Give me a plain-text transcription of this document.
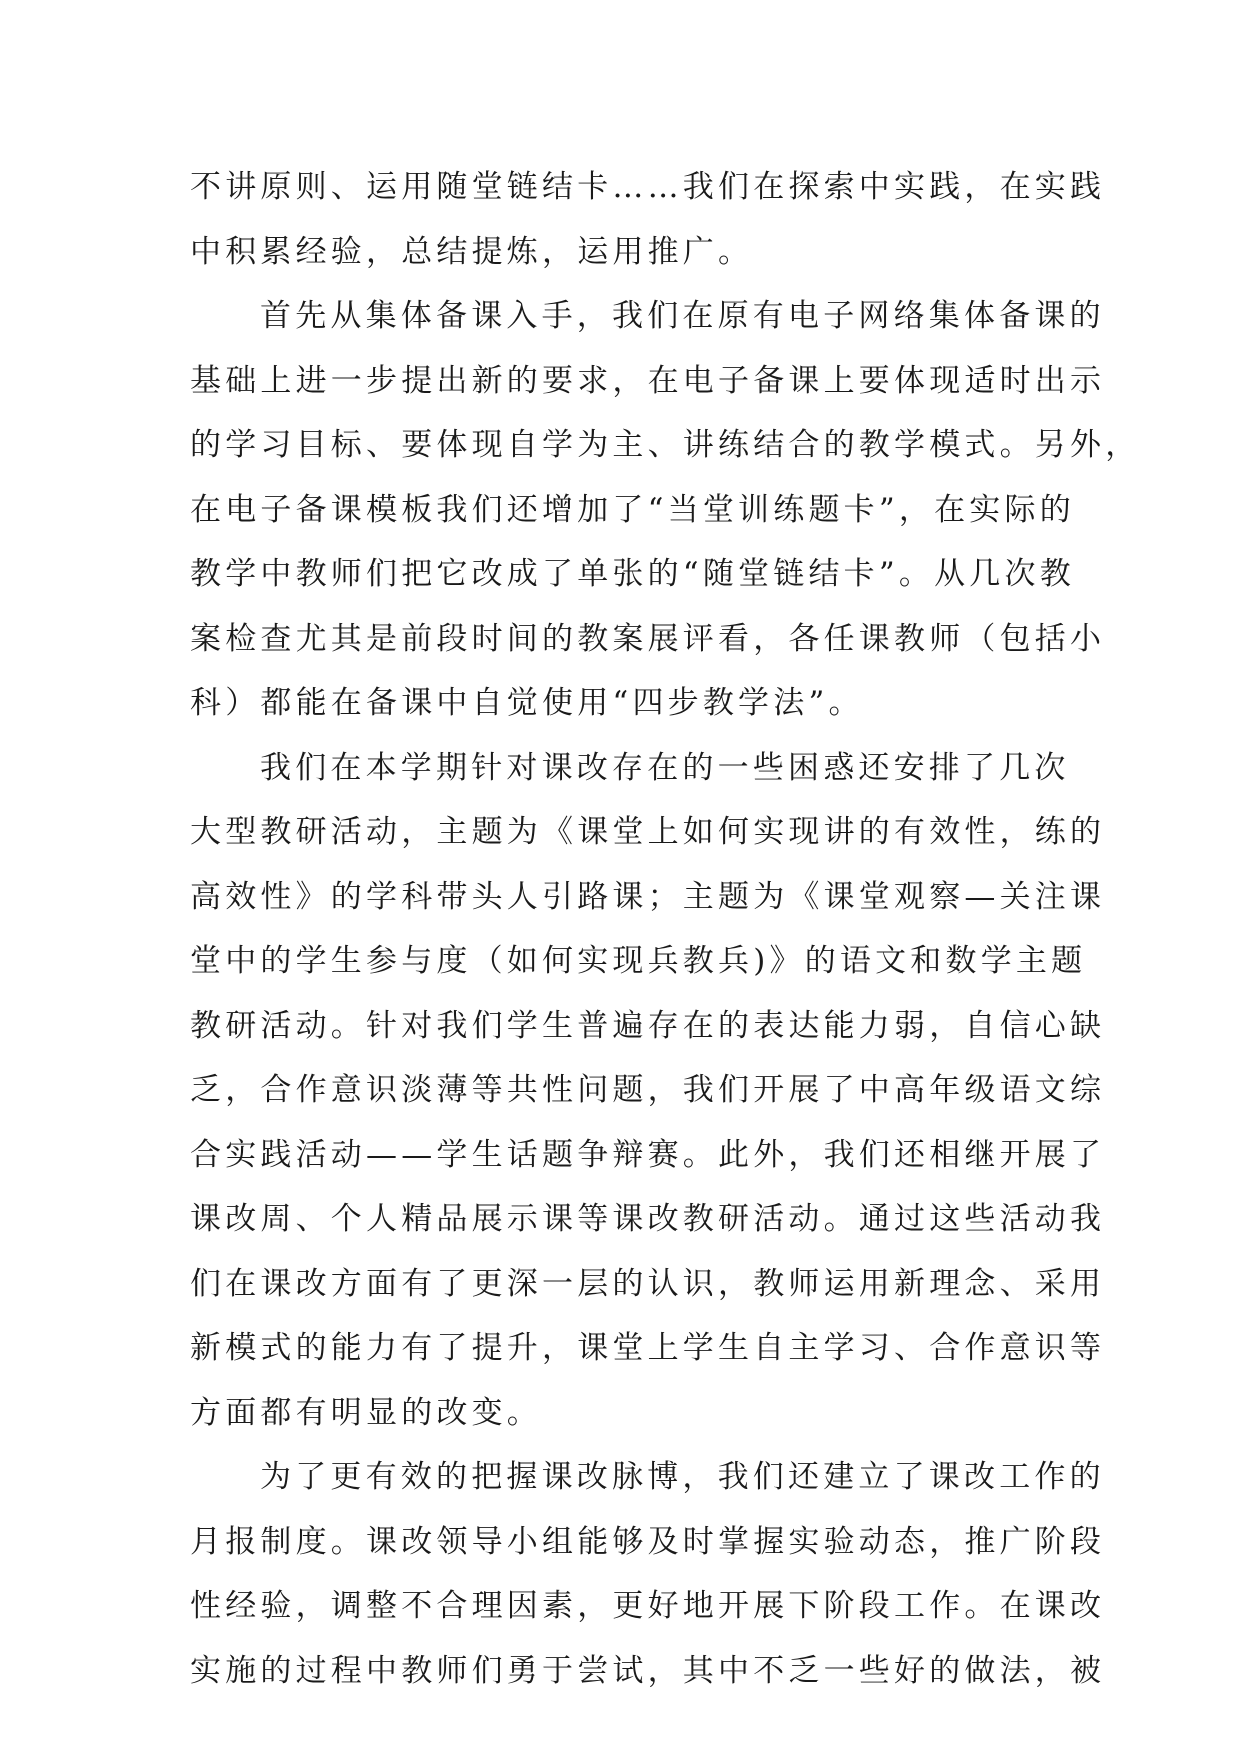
不讲原则、运用随堂链结卡……我们在探索中实践，在实践
中积累经验，总结提炼，运用推广。
首先从集体备课入手，我们在原有电子网络集体备课的
基础上进一步提出新的要求，在电子备课上要体现适时出示
的学习目标、要体现自学为主、讲练结合的教学模式。另外，
在电子备课模板我们还增加了“当堂训练题卡”，在实际的
教学中教师们把它改成了单张的“随堂链结卡”。从几次教
案检查尤其是前段时间的教案展评看，各任课教师（包括小
科）都能在备课中自觉使用“四步教学法”。
我们在本学期针对课改存在的一些困惑还安排了几次
大型教研活动，主题为《课堂上如何实现讲的有效性，练的
高效性》的学科带头人引路课；主题为《课堂观察—关注课
堂中的学生参与度（如何实现兵教兵)》的语文和数学主题
教研活动。针对我们学生普遍存在的表达能力弱，自信心缺
乏，合作意识淡薄等共性问题，我们开展了中高年级语文综
合实践活动——学生话题争辩赛。此外，我们还相继开展了
课改周、个人精品展示课等课改教研活动。通过这些活动我
们在课改方面有了更深一层的认识，教师运用新理念、采用
新模式的能力有了提升，课堂上学生自主学习、合作意识等
方面都有明显的改变。
为了更有效的把握课改脉博，我们还建立了课改工作的
月报制度。课改领导小组能够及时掌握实验动态，推广阶段
性经验，调整不合理因素，更好地开展下阶段工作。在课改
实施的过程中教师们勇于尝试，其中不乏一些好的做法，被
